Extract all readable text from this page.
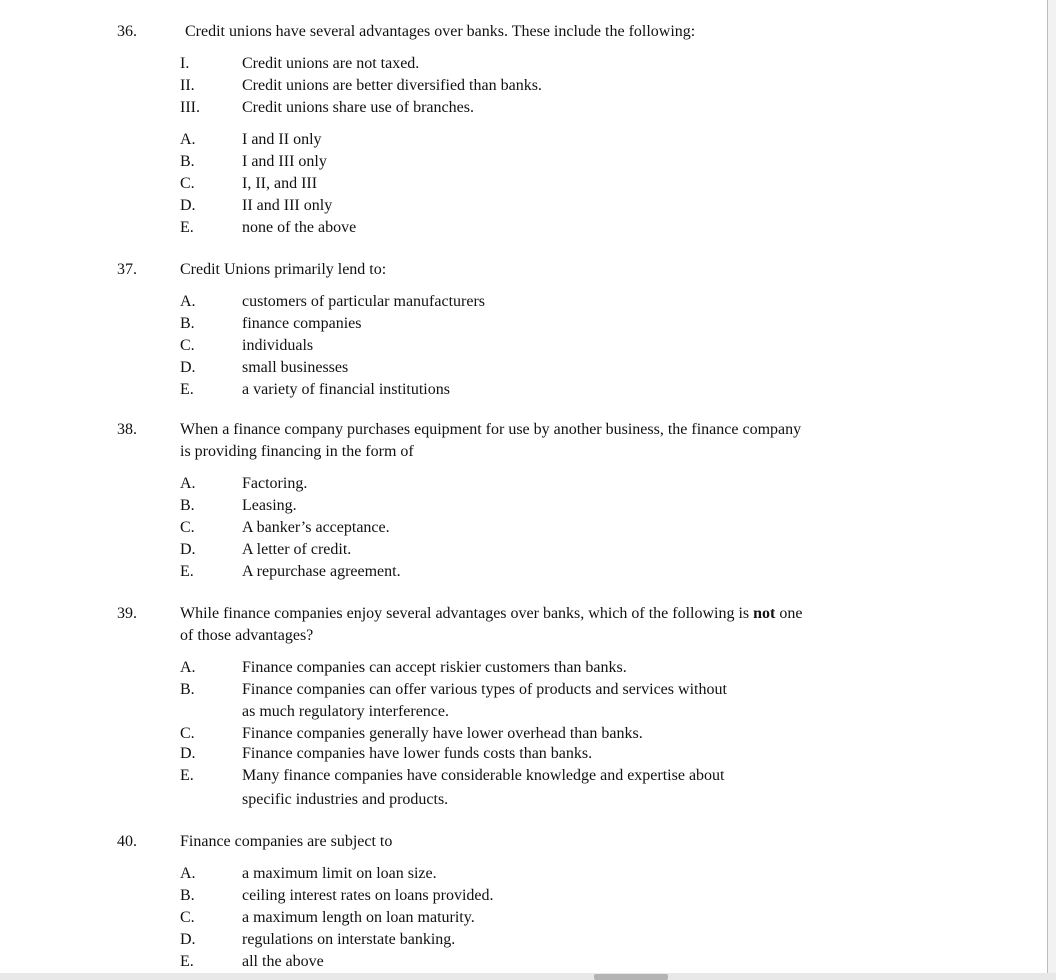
36.	Credit unions have several advantages over banks. These include the following:
I.	Credit unions are not taxed.
II.	Credit unions are better diversified than banks.
III.	Credit unions share use of branches.
A.	I and II only
B.	I and III only
C.	I, II, and III
D.	II and III only
E.	none of the above
37.	Credit Unions primarily lend to:
A.	customers of particular manufacturers
B.	finance companies
C.	individuals
D.	small businesses
E.	a variety of financial institutions
38.	When a finance company purchases equipment for use by another business, the finance company
is providing financing in the form of
A.	Factoring.
B.	Leasing.
C.	A banker’s acceptance.
D.	A letter of credit.
E.	A repurchase agreement.
39.	While finance companies enjoy several advantages over banks, which of the following is not one
of those advantages?
A.	Finance companies can accept riskier customers than banks.
B.	Finance companies can offer various types of products and services without
as much regulatory interference.
C.	Finance companies generally have lower overhead than banks.
D.	Finance companies have lower funds costs than banks.
E.	Many finance companies have considerable knowledge and expertise about
specific industries and products.
40.	Finance companies are subject to
A.	a maximum limit on loan size.
B.	ceiling interest rates on loans provided.
C.	a maximum length on loan maturity.
D.	regulations on interstate banking.
E.	all the above
